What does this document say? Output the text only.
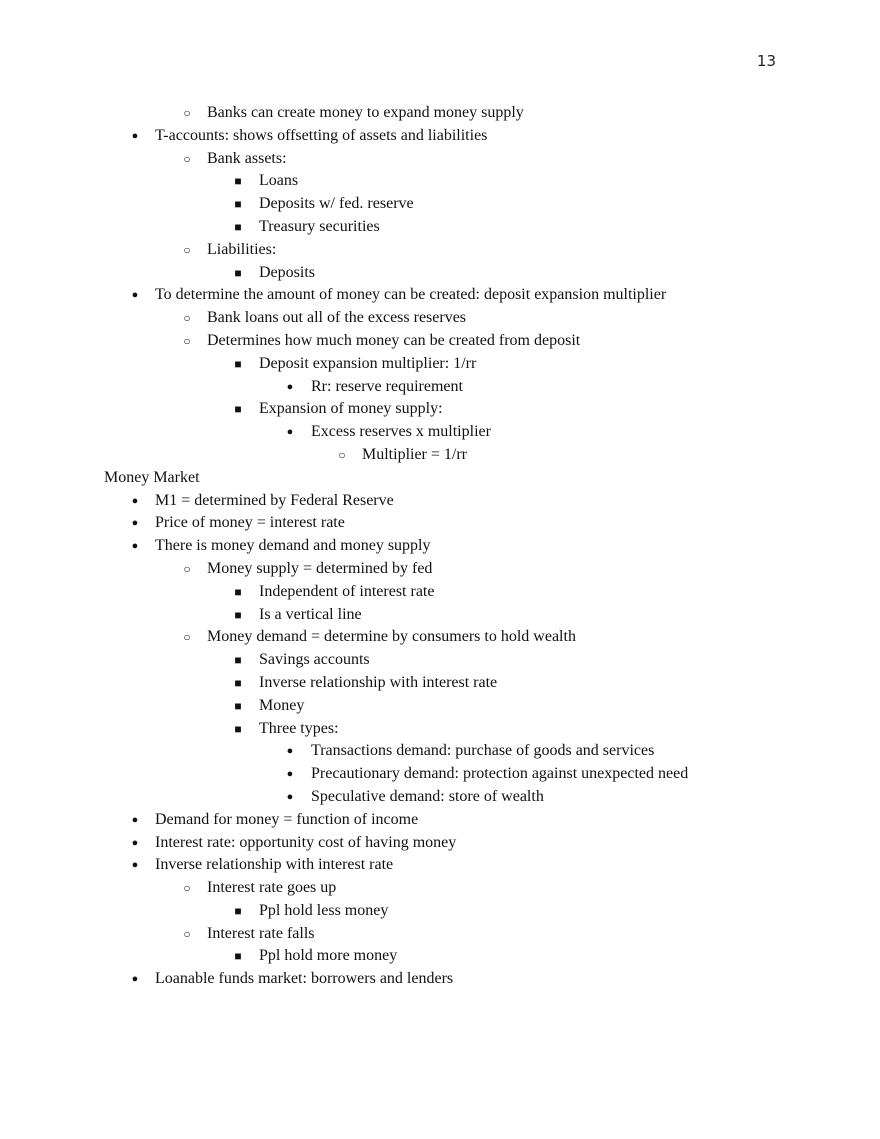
13
○	Banks can create money to expand money supply
●	T-accounts: shows offsetting of assets and liabilities
○	Bank assets:
■	Loans
■	Deposits w/ fed. reserve
■	Treasury securities
○	Liabilities:
■	Deposits
●	To determine the amount of money can be created: deposit expansion multiplier
○	Bank loans out all of the excess reserves
○	Determines how much money can be created from deposit
■	Deposit expansion multiplier: 1/rr
●	Rr: reserve requirement
■	Expansion of money supply:
●	Excess reserves x multiplier
○	Multiplier = 1/rr
Money Market
●	M1 = determined by Federal Reserve
●	Price of money = interest rate
●	There is money demand and money supply
○	Money supply = determined by fed
■	Independent of interest rate
■	Is a vertical line
○	Money demand = determine by consumers to hold wealth
■	Savings accounts
■	Inverse relationship with interest rate
■	Money
■	Three types:
●	Transactions demand: purchase of goods and services
●	Precautionary demand: protection against unexpected need
●	Speculative demand: store of wealth
●	Demand for money = function of income
●	Interest rate: opportunity cost of having money
●	Inverse relationship with interest rate
○	Interest rate goes up
■	Ppl hold less money
○	Interest rate falls
■	Ppl hold more money
●	Loanable funds market: borrowers and lenders
